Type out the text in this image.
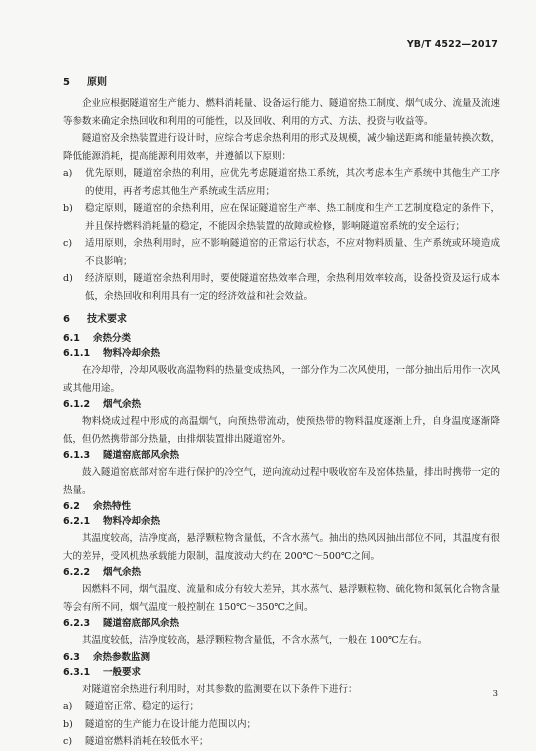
YB/T 4522—2017
5 原则

企业应根据隧道窑生产能力、燃料消耗量、设备运行能力、隧道窑热工制度、烟气成分、流量及流速等参数来确定余热回收和利用的可能性，以及回收、利用的方式、方法、投资与收益等。

隧道窑及余热装置进行设计时，应综合考虑余热利用的形式及规模，减少输送距离和能量转换次数，降低能源消耗，提高能源利用效率，并遵循以下原则：

a)	优先原则，隧道窑余热的利用，应优先考虑隧道窑热工系统，其次考虑本生产系统中其他生产工序的使用，再者考虑其他生产系统或生活应用；
b)	稳定原则，隧道窑的余热利用，应在保证隧道窑生产率、热工制度和生产工艺制度稳定的条件下，并且保持燃料消耗量的稳定，不能因余热装置的故障或检修，影响隧道窑系统的安全运行；
c)	适用原则，余热利用时，应不影响隧道窑的正常运行状态，不应对物料质量、生产系统或环境造成不良影响；
d)	经济原则，隧道窑余热利用时，要使隧道窑热效率合理，余热利用效率较高，设备投资及运行成本低，余热回收和利用具有一定的经济效益和社会效益。
6 技术要求
6.1 余热分类
6.1.1 物料冷却余热

在冷却带，冷却风吸收高温物料的热量变成热风，一部分作为二次风使用，一部分抽出后用作一次风或其他用途。

6.1.2 烟气余热

物料烧成过程中形成的高温烟气，向预热带流动，使预热带的物料温度逐渐上升，自身温度逐渐降低，但仍然携带部分热量，由排烟装置排出隧道窑外。

6.1.3 隧道窑底部风余热

鼓入隧道窑底部对窑车进行保护的冷空气，逆向流动过程中吸收窑车及窑体热量，排出时携带一定的热量。

6.2 余热特性
6.2.1 物料冷却余热

其温度较高，洁净度高，悬浮颗粒物含量低，不含水蒸气。抽出的热风因抽出部位不同，其温度有很大的差异，受风机热承载能力限制，温度波动大约在 200℃～500℃之间。

6.2.2 烟气余热

因燃料不同，烟气温度、流量和成分有较大差异，其水蒸气、悬浮颗粒物、硫化物和氮氧化合物含量等会有所不同，烟气温度一般控制在 150℃～350℃之间。

6.2.3 隧道窑底部风余热

其温度较低，洁净度较高，悬浮颗粒物含量低，不含水蒸气，一般在 100℃左右。

6.3 余热参数监测
6.3.1 一般要求

对隧道窑余热进行利用时，对其参数的监测要在以下条件下进行：

a)	隧道窑正常、稳定的运行；
b)	隧道窑的生产能力在设计能力范围以内；
c)	隧道窑燃料消耗在较低水平；
3
